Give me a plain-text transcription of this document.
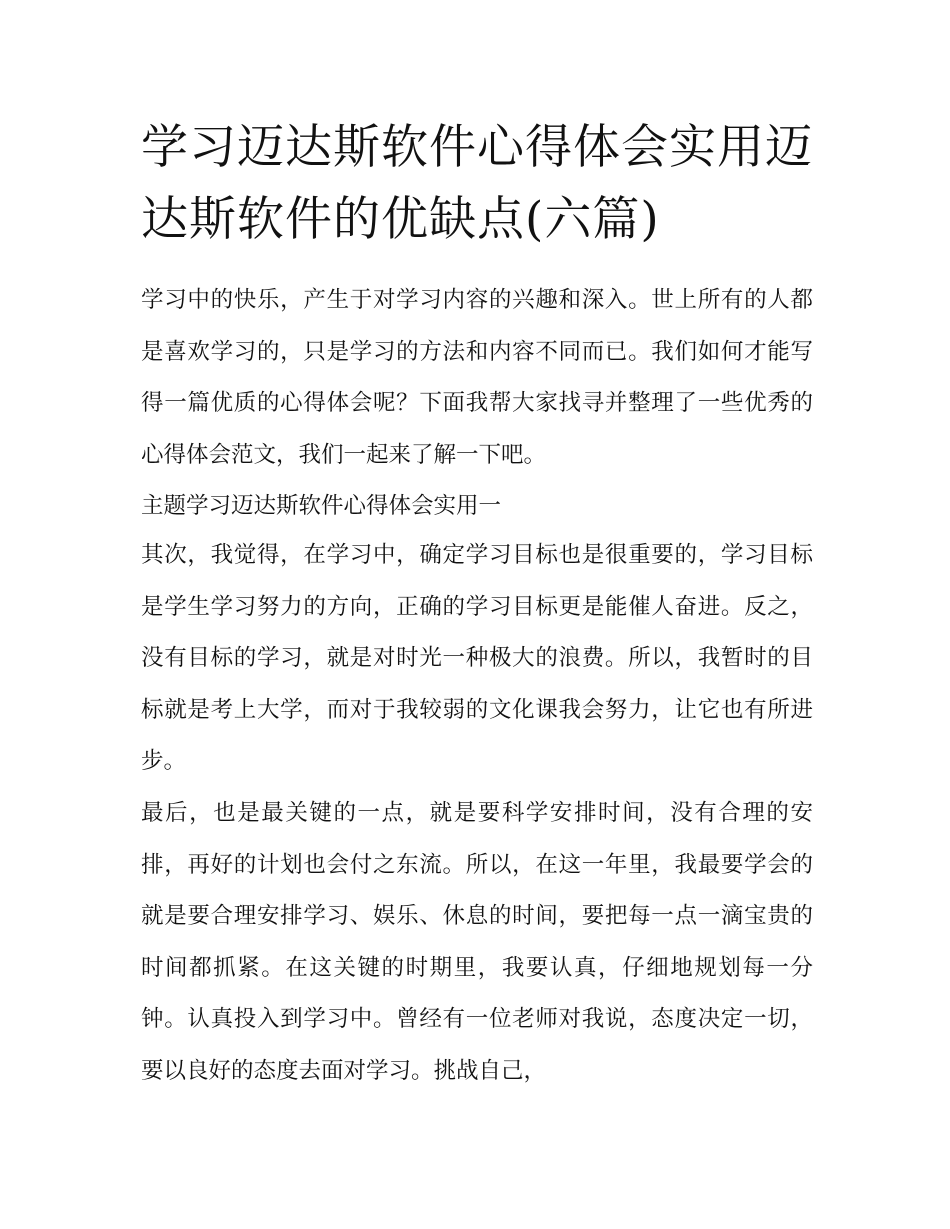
学习迈达斯软件心得体会实用迈达斯软件的优缺点(六篇)

学习中的快乐，产生于对学习内容的兴趣和深入。世上所有的人都是喜欢学习的，只是学习的方法和内容不同而已。我们如何才能写得一篇优质的心得体会呢？下面我帮大家找寻并整理了一些优秀的心得体会范文，我们一起来了解一下吧。

主题学习迈达斯软件心得体会实用一

其次，我觉得，在学习中，确定学习目标也是很重要的，学习目标是学生学习努力的方向，正确的学习目标更是能催人奋进。反之，没有目标的学习，就是对时光一种极大的浪费。所以，我暂时的目标就是考上大学，而对于我较弱的文化课我会努力，让它也有所进步。

最后，也是最关键的一点，就是要科学安排时间，没有合理的安排，再好的计划也会付之东流。所以，在这一年里，我最要学会的就是要合理安排学习、娱乐、休息的时间，要把每一点一滴宝贵的时间都抓紧。在这关键的时期里，我要认真，仔细地规划每一分钟。认真投入到学习中。曾经有一位老师对我说，态度决定一切，要以良好的态度去面对学习。挑战自己，
